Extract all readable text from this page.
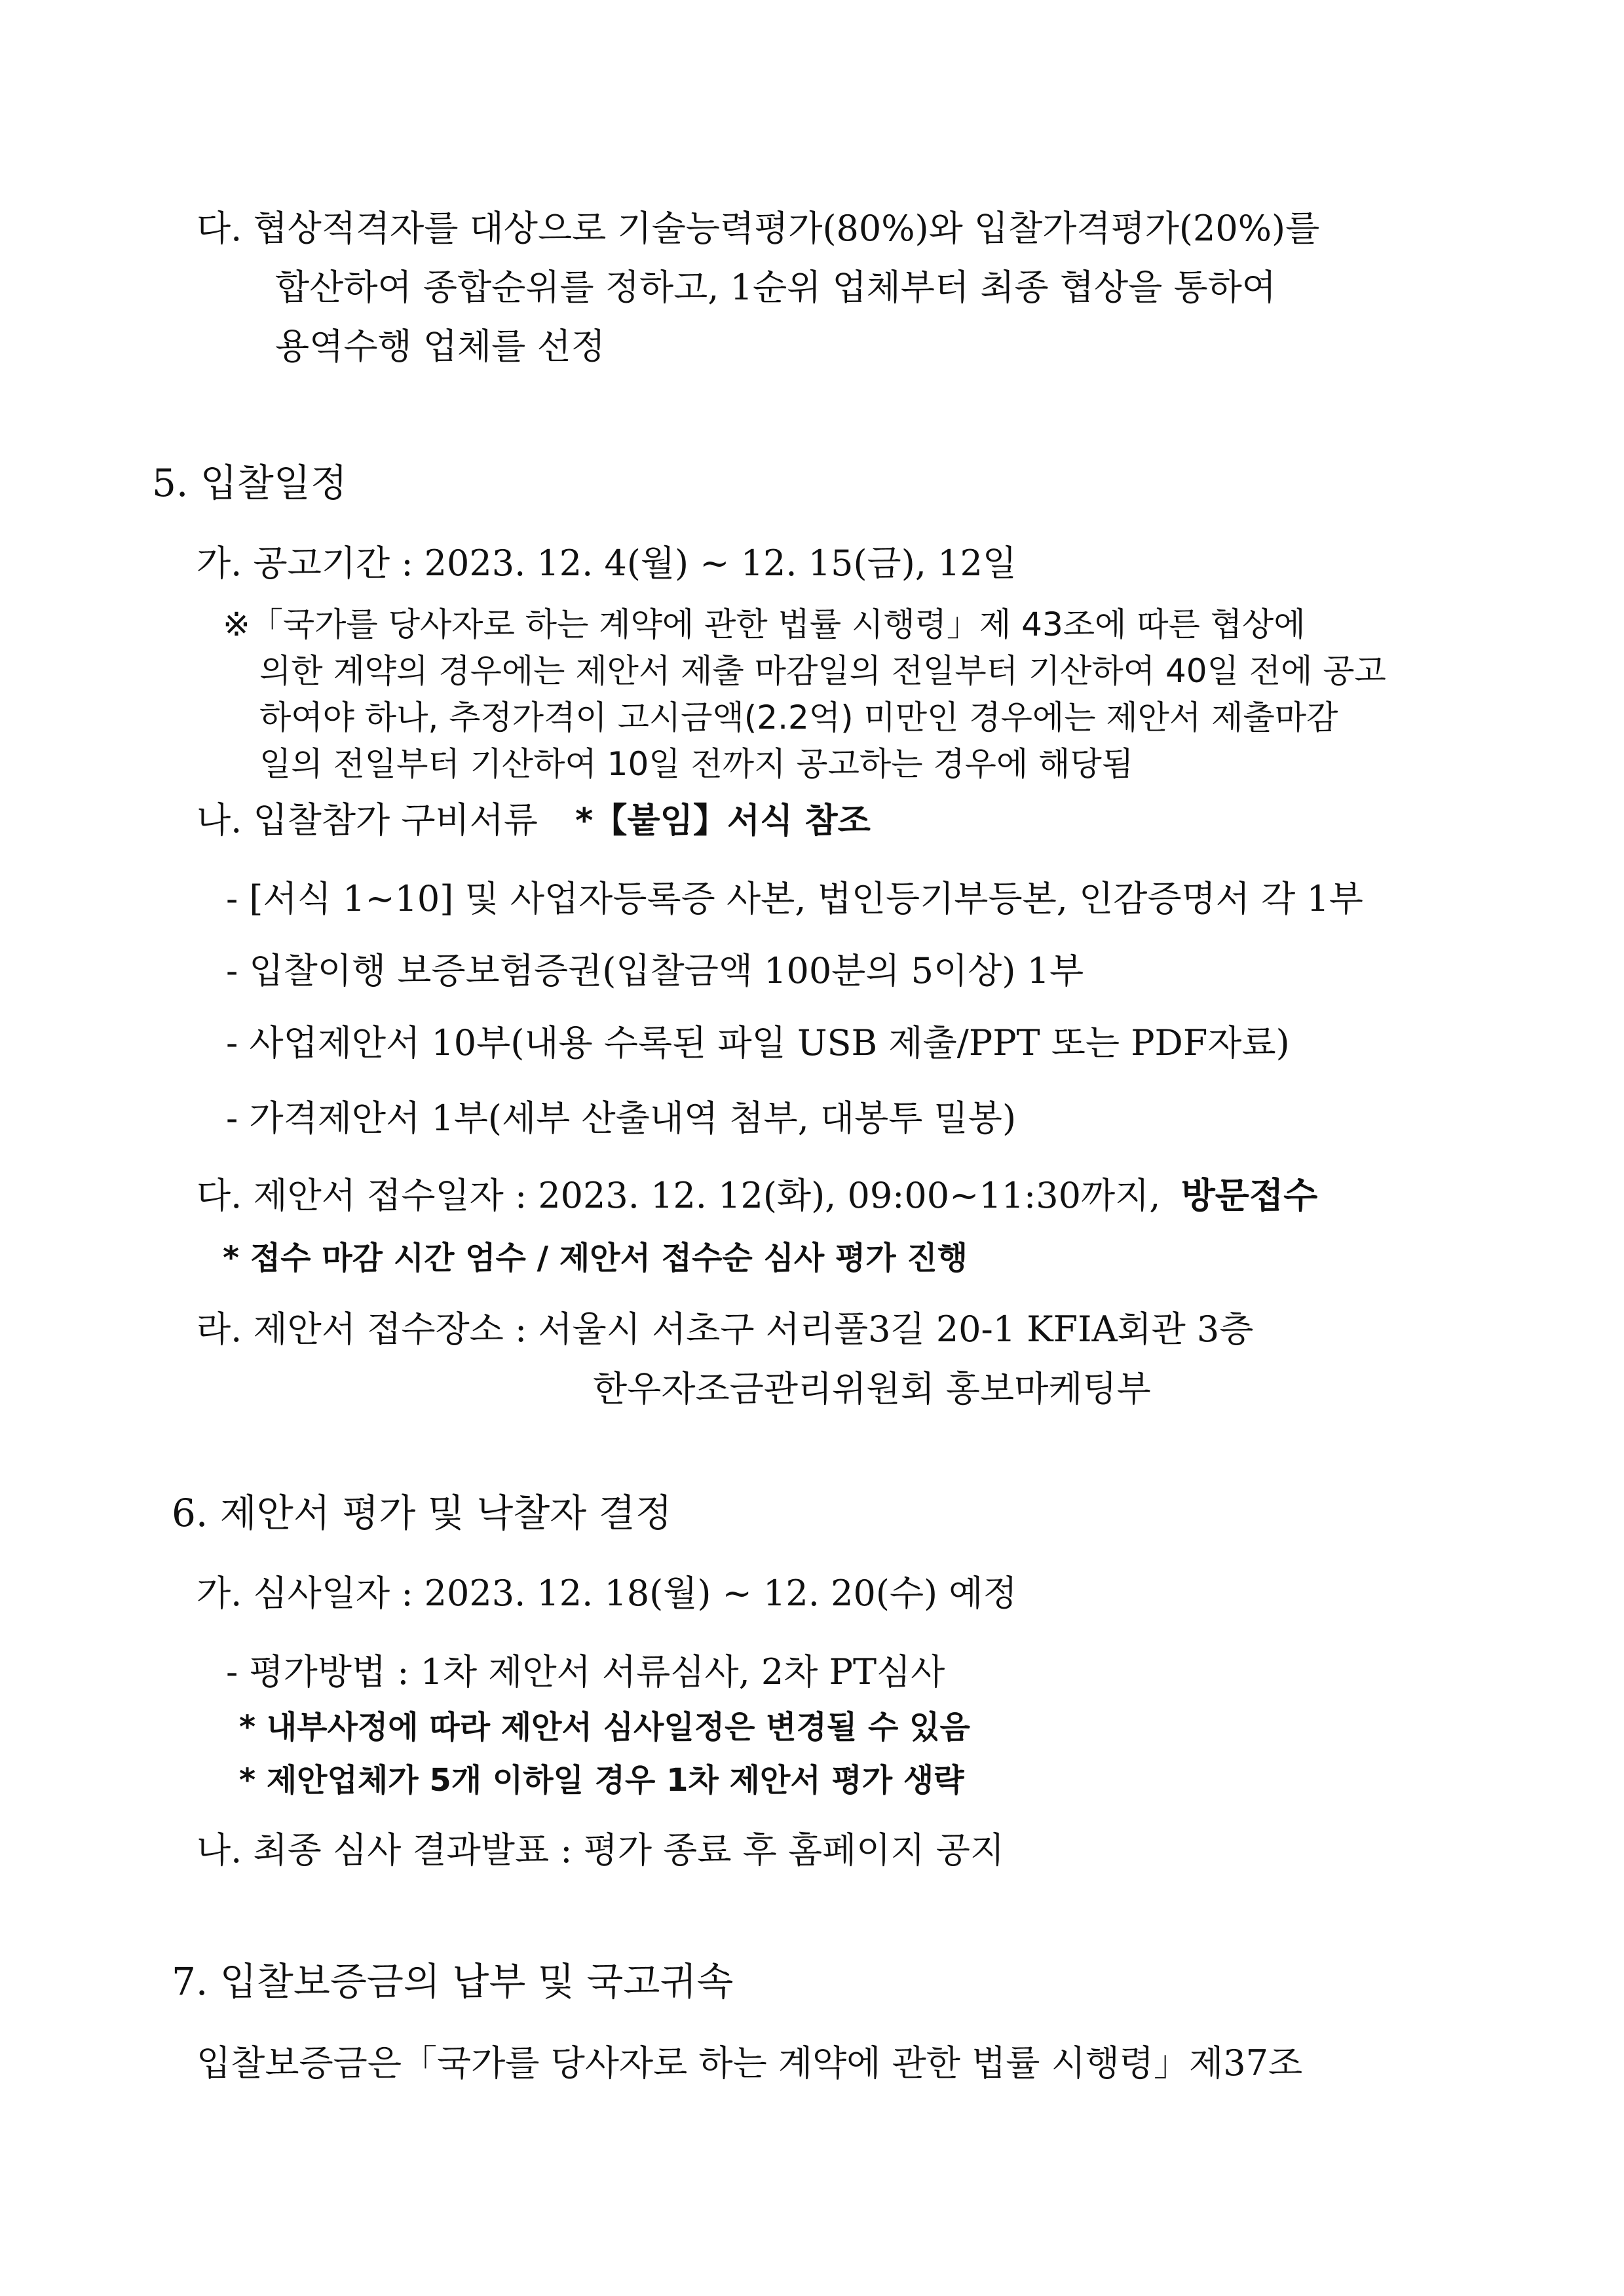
다. 협상적격자를 대상으로 기술능력평가(80%)와 입찰가격평가(20%)를
합산하여 종합순위를 정하고, 1순위 업체부터 최종 협상을 통하여
용역수행 업체를 선정
5. 입찰일정
가. 공고기간 : 2023. 12. 4(월) ~ 12. 15(금), 12일
※「국가를 당사자로 하는 계약에 관한 법률 시행령」제 43조에 따른 협상에
의한 계약의 경우에는 제안서 제출 마감일의 전일부터 기산하여 40일 전에 공고
하여야 하나, 추정가격이 고시금액(2.2억) 미만인 경우에는 제안서 제출마감
일의 전일부터 기산하여 10일 전까지 공고하는 경우에 해당됨
나. 입찰참가 구비서류 *【붙임】서식 참조
- [서식 1~10] 및 사업자등록증 사본, 법인등기부등본, 인감증명서 각 1부
- 입찰이행 보증보험증권(입찰금액 100분의 5이상) 1부
- 사업제안서 10부(내용 수록된 파일 USB 제출/PPT 또는 PDF자료)
- 가격제안서 1부(세부 산출내역 첨부, 대봉투 밀봉)
다. 제안서 접수일자 : 2023. 12. 12(화), 09:00~11:30까지, 방문접수
* 접수 마감 시간 엄수 / 제안서 접수순 심사 평가 진행
라. 제안서 접수장소 : 서울시 서초구 서리풀3길 20-1 KFIA회관 3층
한우자조금관리위원회 홍보마케팅부
6. 제안서 평가 및 낙찰자 결정
가. 심사일자 : 2023. 12. 18(월) ~ 12. 20(수) 예정
- 평가방법 : 1차 제안서 서류심사, 2차 PT심사
* 내부사정에 따라 제안서 심사일정은 변경될 수 있음
* 제안업체가 5개 이하일 경우 1차 제안서 평가 생략
나. 최종 심사 결과발표 : 평가 종료 후 홈페이지 공지
7. 입찰보증금의 납부 및 국고귀속
입찰보증금은「국가를 당사자로 하는 계약에 관한 법률 시행령」제37조
